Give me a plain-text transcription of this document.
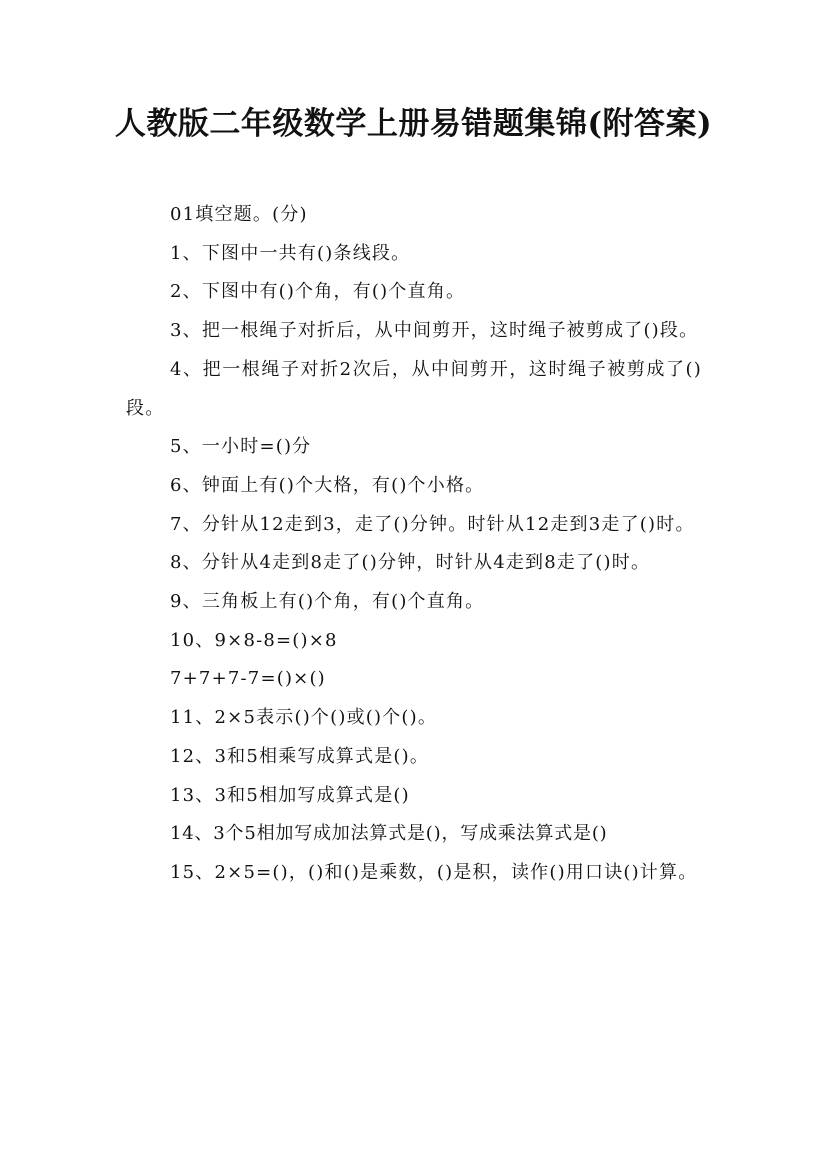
人教版二年级数学上册易错题集锦(附答案)

01填空题。(分)

1、下图中一共有()条线段。

2、下图中有()个角，有()个直角。

3、把一根绳子对折后，从中间剪开，这时绳子被剪成了()段。

4、把一根绳子对折2次后，从中间剪开，这时绳子被剪成了()段。

5、一小时=()分

6、钟面上有()个大格，有()个小格。

7、分针从12走到3，走了()分钟。时针从12走到3走了()时。

8、分针从4走到8走了()分钟，时针从4走到8走了()时。

9、三角板上有()个角，有()个直角。

10、9×8-8=()×8

7+7+7-7=()×()

11、2×5表示()个()或()个()。

12、3和5相乘写成算式是()。

13、3和5相加写成算式是()

14、3个5相加写成加法算式是()，写成乘法算式是()

15、2×5=()，()和()是乘数，()是积，读作()用口诀()计算。
